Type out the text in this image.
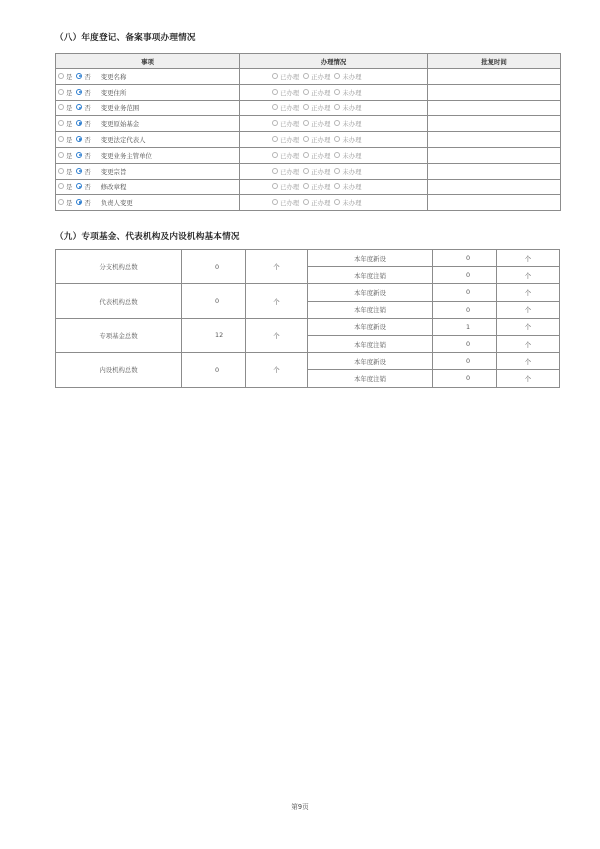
（八）年度登记、备案事项办理情况
事项	办理情况	批复时间
是 否 变更名称	已办理 正办理 未办理	
是 否 变更住所	已办理 正办理 未办理	
是 否 变更业务范围	已办理 正办理 未办理	
是 否 变更原始基金	已办理 正办理 未办理	
是 否 变更法定代表人	已办理 正办理 未办理	
是 否 变更业务主管单位	已办理 正办理 未办理	
是 否 变更宗旨	已办理 正办理 未办理	
是 否 修改章程	已办理 正办理 未办理	
是 否 负责人变更	已办理 正办理 未办理	
（九）专项基金、代表机构及内设机构基本情况
分支机构总数	0	个	本年度新设	0	个
			本年度注销	0	个
代表机构总数	0	个	本年度新设	0	个
			本年度注销	0	个
专项基金总数	12	个	本年度新设	1	个
			本年度注销	0	个
内设机构总数	0	个	本年度新设	0	个
			本年度注销	0	个
第9页
